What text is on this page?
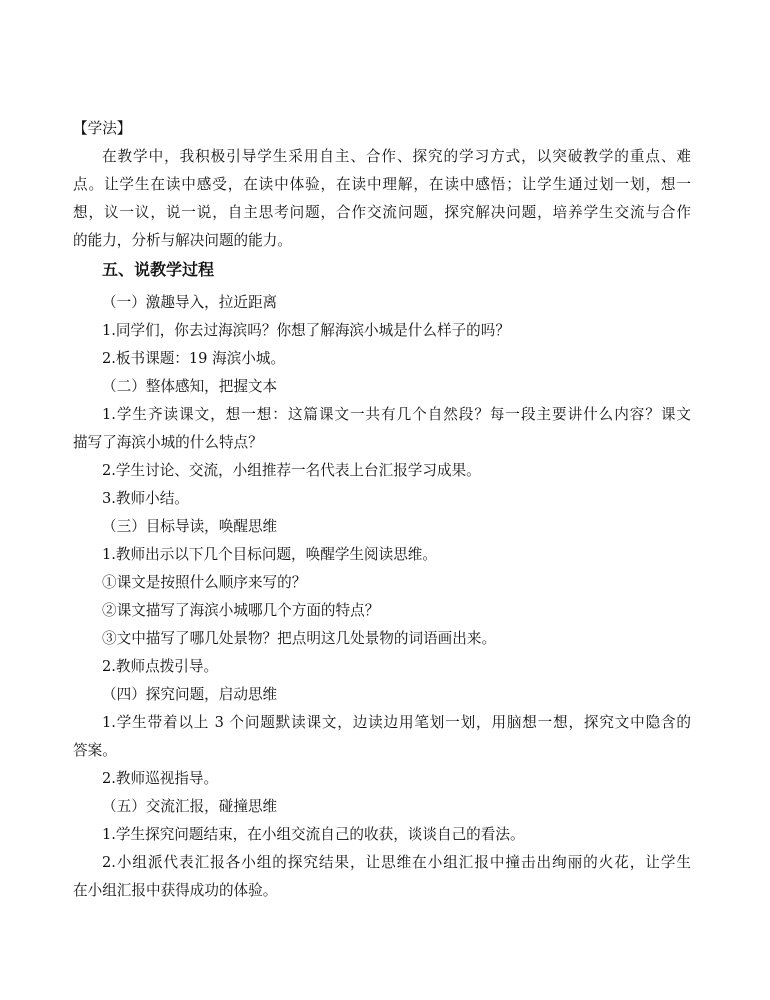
【学法】
在教学中，我积极引导学生采用自主、合作、探究的学习方式，以突破教学的重点、难
点。让学生在读中感受，在读中体验，在读中理解，在读中感悟；让学生通过划一划，想一
想，议一议，说一说，自主思考问题，合作交流问题，探究解决问题，培养学生交流与合作
的能力，分析与解决问题的能力。
五、说教学过程
（一）激趣导入，拉近距离
1.同学们，你去过海滨吗？你想了解海滨小城是什么样子的吗？
2.板书课题：19 海滨小城。
（二）整体感知，把握文本
1.学生齐读课文，想一想：这篇课文一共有几个自然段？每一段主要讲什么内容？课文
描写了海滨小城的什么特点？
2.学生讨论、交流，小组推荐一名代表上台汇报学习成果。
3.教师小结。
（三）目标导读，唤醒思维
1.教师出示以下几个目标问题，唤醒学生阅读思维。
①课文是按照什么顺序来写的？
②课文描写了海滨小城哪几个方面的特点？
③文中描写了哪几处景物？把点明这几处景物的词语画出来。
2.教师点拨引导。
（四）探究问题，启动思维
1.学生带着以上 3 个问题默读课文，边读边用笔划一划，用脑想一想，探究文中隐含的
答案。
2.教师巡视指导。
（五）交流汇报，碰撞思维
1.学生探究问题结束，在小组交流自己的收获，谈谈自己的看法。
2.小组派代表汇报各小组的探究结果，让思维在小组汇报中撞击出绚丽的火花，让学生
在小组汇报中获得成功的体验。
